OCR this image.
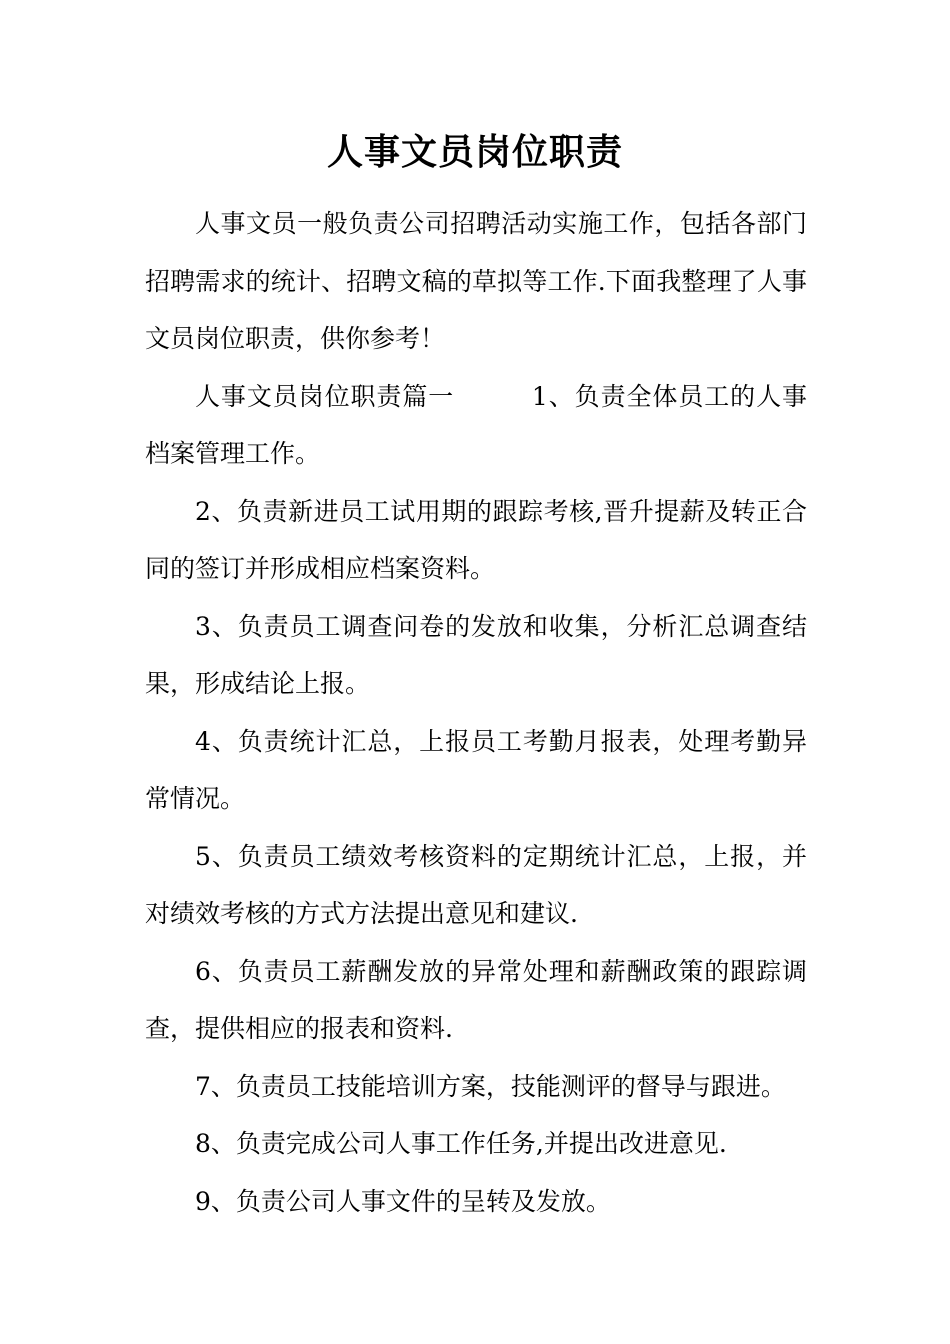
人事文员岗位职责

人事文员一般负责公司招聘活动实施工作，包括各部门招聘需求的统计、招聘文稿的草拟等工作.下面我整理了人事文员岗位职责，供你参考！

人事文员岗位职责篇一　　　1、负责全体员工的人事档案管理工作。

2、负责新进员工试用期的跟踪考核,晋升提薪及转正合同的签订并形成相应档案资料。

3、负责员工调查问卷的发放和收集，分析汇总调查结果，形成结论上报。

4、负责统计汇总，上报员工考勤月报表，处理考勤异常情况。

5、负责员工绩效考核资料的定期统计汇总，上报，并对绩效考核的方式方法提出意见和建议.

6、负责员工薪酬发放的异常处理和薪酬政策的跟踪调查，提供相应的报表和资料.

7、负责员工技能培训方案，技能测评的督导与跟进。

8、负责完成公司人事工作任务,并提出改进意见.

9、负责公司人事文件的呈转及发放。
